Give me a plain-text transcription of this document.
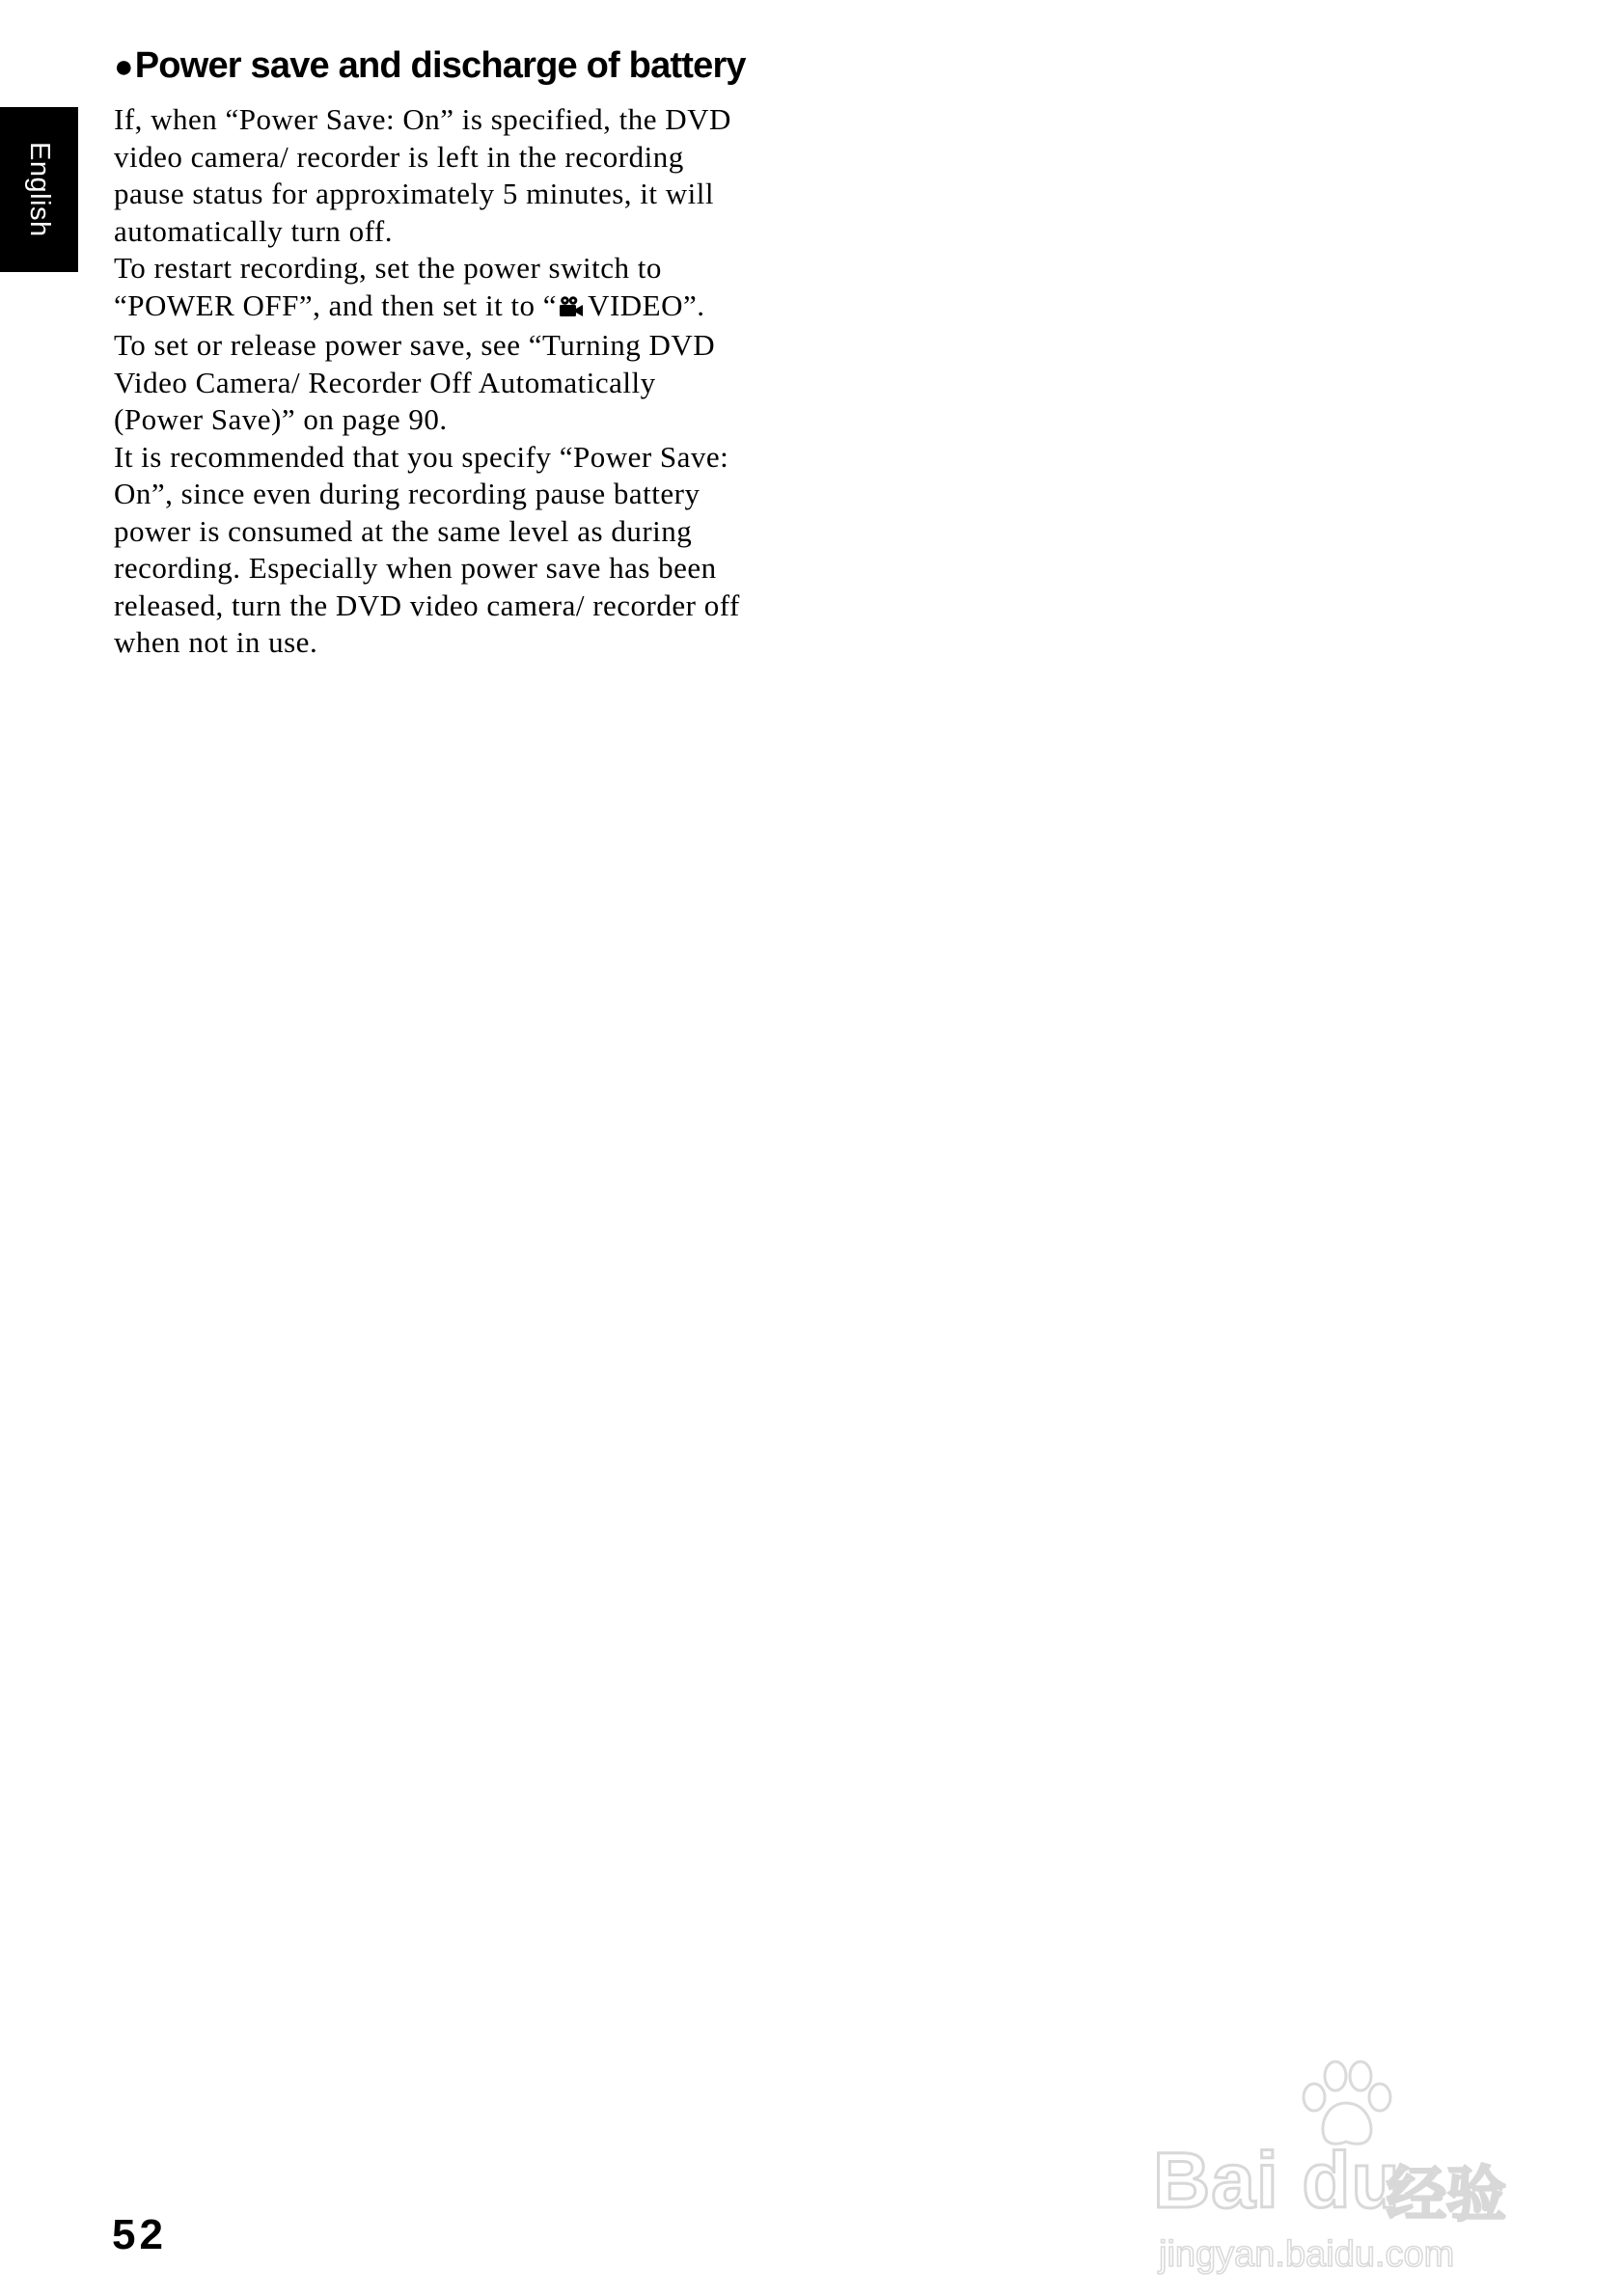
English
●Power save and discharge of battery

If, when “Power Save: On” is specified, the DVD
video camera/ recorder is left in the recording
pause status for approximately 5 minutes, it will
automatically turn off.

To restart recording, set the power switch to
“POWER OFF”, and then set it to “ VIDEO”.

To set or release power save, see “Turning DVD
Video Camera/ Recorder Off Automatically
(Power Save)” on page 90.

It is recommended that you specify “Power Save:
On”, since even during recording pause battery
power is consumed at the same level as during
recording. Especially when power save has been
released, turn the DVD video camera/ recorder off
when not in use.

52
Bai du
经验
jingyan.baidu.com
